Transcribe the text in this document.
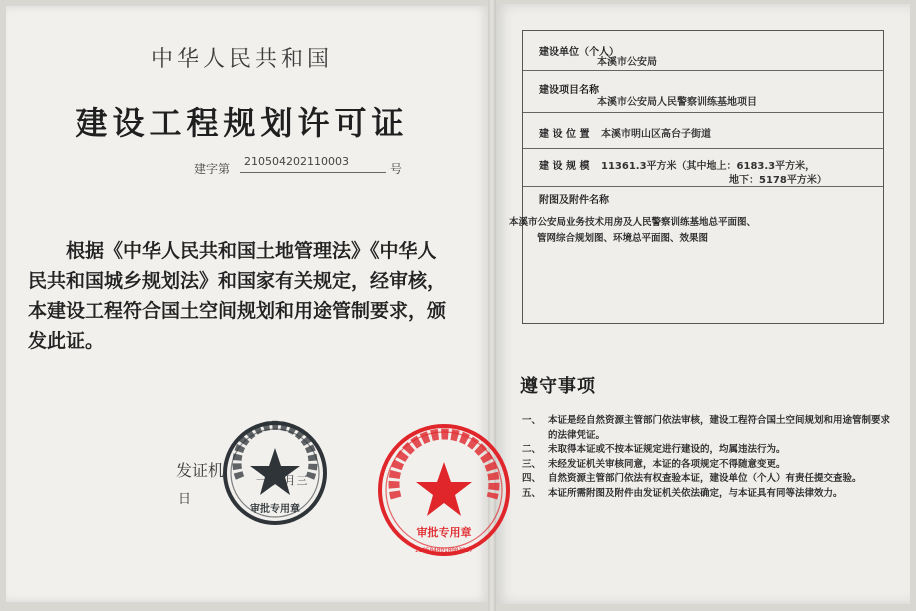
中华人民共和国
建设工程规划许可证
建字第
210504202110003
号
根据《中华人民共和国土地管理法》《中华人民共和国城乡规划法》和国家有关规定，经审核，本建设工程符合国土空间规划和用途管制要求，颁发此证。
发证机
日
审批专用章
一年 月三
审批专用章
2105040010003837
建设单位（个人）
本溪市公安局
建设项目名称
本溪市公安局人民警察训练基地项目
建 设 位 置 本溪市明山区高台子街道
建 设 规 模 11361.3平方米（其中地上：6183.3平方米，
地下：5178平方米）
附图及附件名称
本溪市公安局业务技术用房及人民警察训练基地总平面图、
管网综合规划图、环境总平面图、效果图
遵守事项
一、 本证是经自然资源主管部门依法审核，建设工程符合国土空间规划和用途管制要求的法律凭证。
二、 未取得本证或不按本证规定进行建设的，均属违法行为。
三、 未经发证机关审核同意，本证的各项规定不得随意变更。
四、 自然资源主管部门依法有权查验本证，建设单位（个人）有责任提交查验。
五、 本证所需附图及附件由发证机关依法确定，与本证具有同等法律效力。
